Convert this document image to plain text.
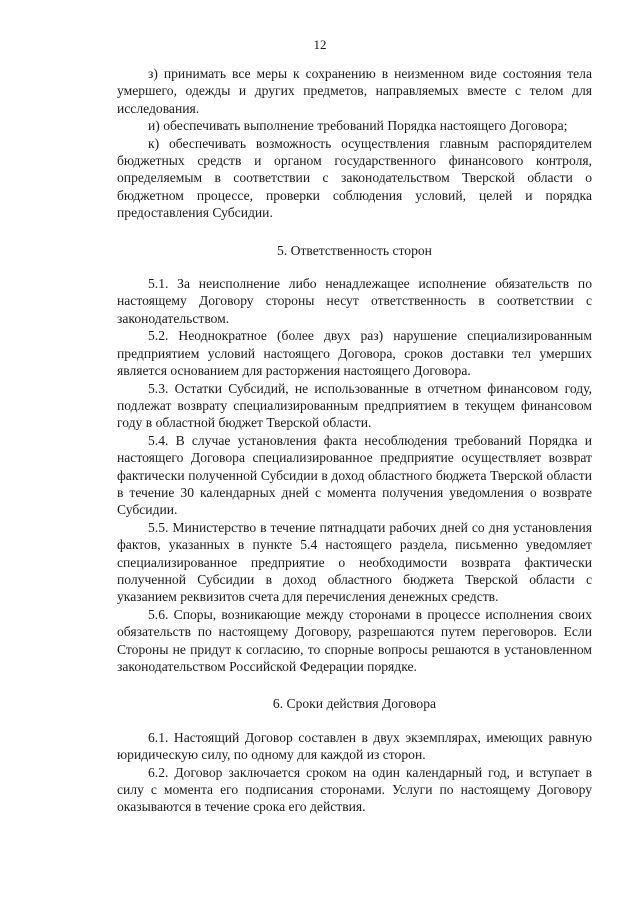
12

з) принимать все меры к сохранению в неизменном виде состояния тела умершего, одежды и других предметов, направляемых вместе с телом для исследования.

и) обеспечивать выполнение требований Порядка настоящего Договора;

к) обеспечивать возможность осуществления главным распорядителем бюджетных средств и органом государственного финансового контроля, определяемым в соответствии с законодательством Тверской области о бюджетном процессе, проверки соблюдения условий, целей и порядка предоставления Субсидии.

5. Ответственность сторон

5.1. За неисполнение либо ненадлежащее исполнение обязательств по настоящему Договору стороны несут ответственность в соответствии с законодательством.

5.2. Неоднократное (более двух раз) нарушение специализированным предприятием условий настоящего Договора, сроков доставки тел умерших является основанием для расторжения настоящего Договора.

5.3. Остатки Субсидий, не использованные в отчетном финансовом году, подлежат возврату специализированным предприятием в текущем финансовом году в областной бюджет Тверской области.

5.4. В случае установления факта несоблюдения требований Порядка и настоящего Договора специализированное предприятие осуществляет возврат фактически полученной Субсидии в доход областного бюджета Тверской области в течение 30 календарных дней с момента получения уведомления о возврате Субсидии.

5.5. Министерство в течение пятнадцати рабочих дней со дня установления фактов, указанных в пункте 5.4 настоящего раздела, письменно уведомляет специализированное предприятие о необходимости возврата фактически полученной Субсидии в доход областного бюджета Тверской области с указанием реквизитов счета для перечисления денежных средств.

5.6. Споры, возникающие между сторонами в процессе исполнения своих обязательств по настоящему Договору, разрешаются путем переговоров. Если Стороны не придут к согласию, то спорные вопросы решаются в установленном законодательством Российской Федерации порядке.

6. Сроки действия Договора

6.1. Настоящий Договор составлен в двух экземплярах, имеющих равную юридическую силу, по одному для каждой из сторон.

6.2. Договор заключается сроком на один календарный год, и вступает в силу с момента его подписания сторонами. Услуги по настоящему Договору оказываются в течение срока его действия.
